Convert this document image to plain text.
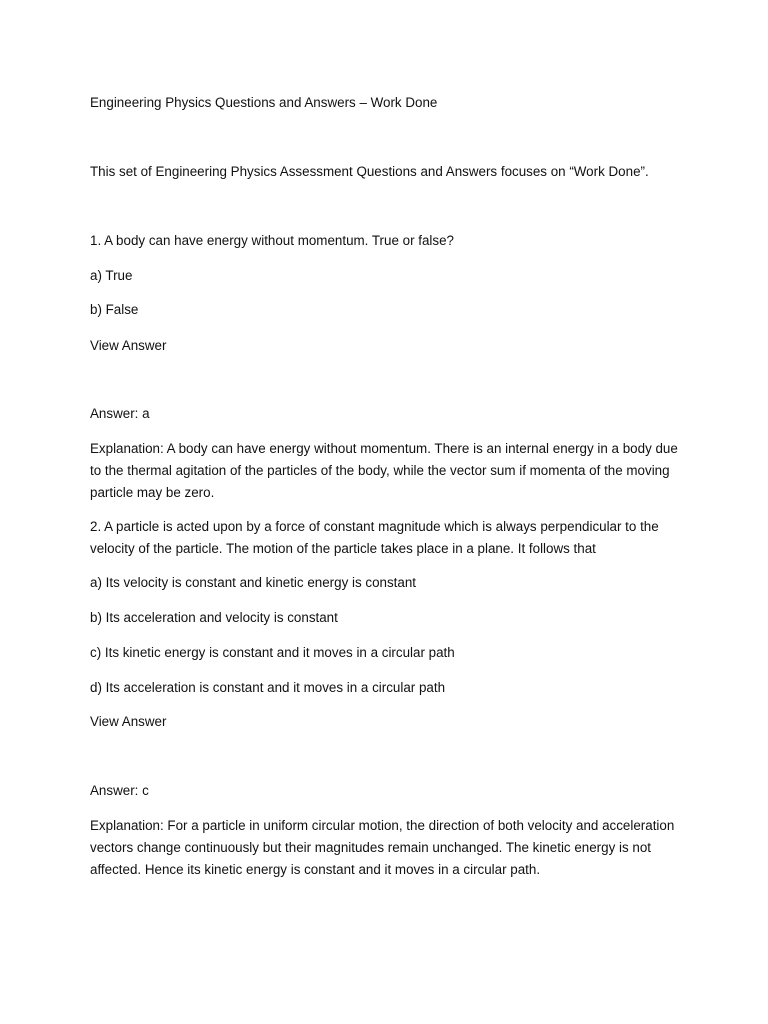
Engineering Physics Questions and Answers – Work Done

This set of Engineering Physics Assessment Questions and Answers focuses on “Work Done”.

1. A body can have energy without momentum. True or false?

a) True

b) False

View Answer

Answer: a

Explanation: A body can have energy without momentum. There is an internal energy in a body due to the thermal agitation of the particles of the body, while the vector sum if momenta of the moving particle may be zero.

2. A particle is acted upon by a force of constant magnitude which is always perpendicular to the velocity of the particle. The motion of the particle takes place in a plane. It follows that

a) Its velocity is constant and kinetic energy is constant

b) Its acceleration and velocity is constant

c) Its kinetic energy is constant and it moves in a circular path

d) Its acceleration is constant and it moves in a circular path

View Answer

Answer: c

Explanation: For a particle in uniform circular motion, the direction of both velocity and acceleration vectors change continuously but their magnitudes remain unchanged. The kinetic energy is not affected. Hence its kinetic energy is constant and it moves in a circular path.
